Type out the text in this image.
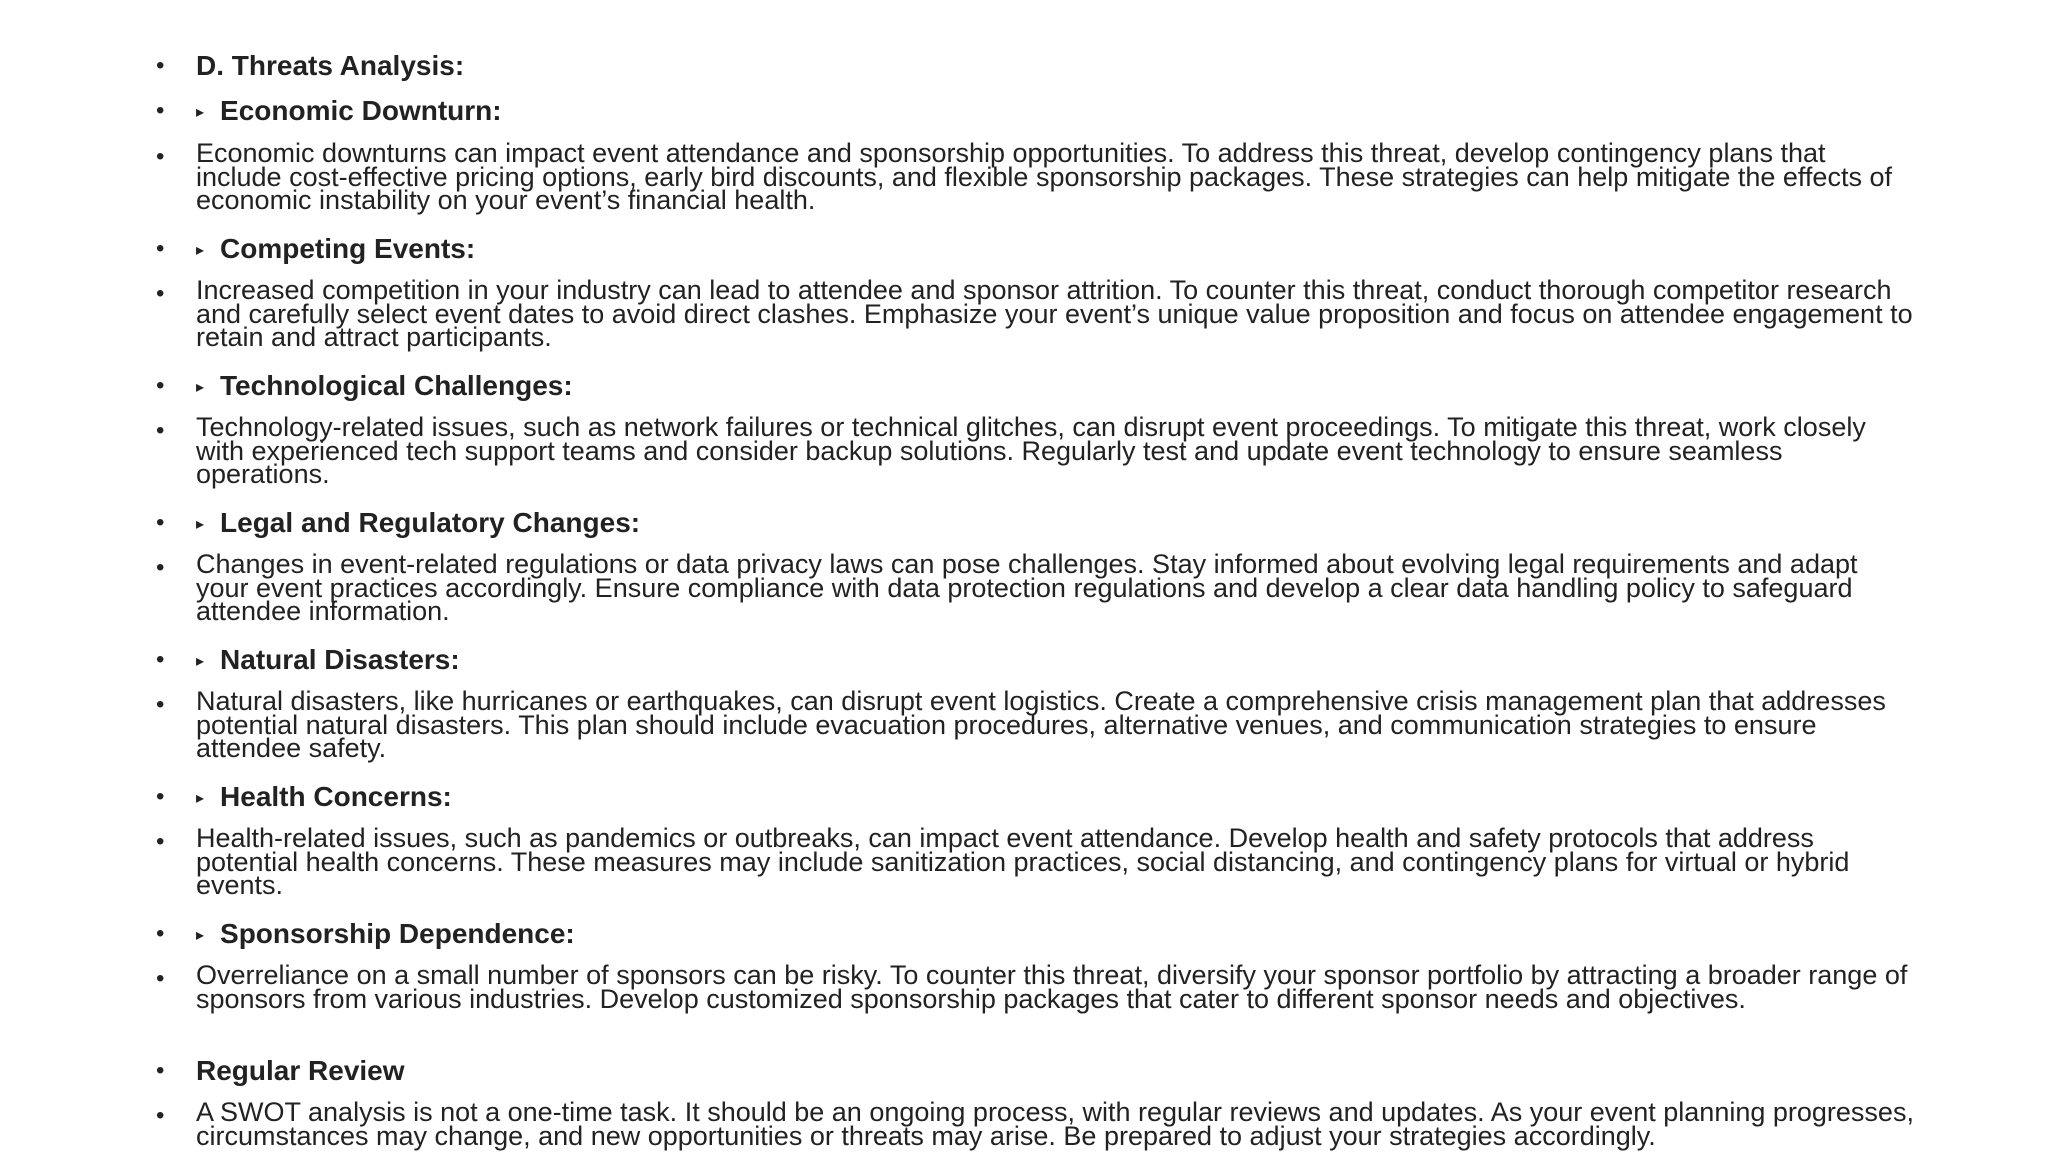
• D. Threats Analysis:
• ▸ Economic Downturn:
• Economic downturns can impact event attendance and sponsorship opportunities. To address this threat, develop contingency plans that include cost-effective pricing options, early bird discounts, and flexible sponsorship packages. These strategies can help mitigate the effects of economic instability on your event’s financial health.
• ▸ Competing Events:
• Increased competition in your industry can lead to attendee and sponsor attrition. To counter this threat, conduct thorough competitor research and carefully select event dates to avoid direct clashes. Emphasize your event’s unique value proposition and focus on attendee engagement to retain and attract participants.
• ▸ Technological Challenges:
• Technology-related issues, such as network failures or technical glitches, can disrupt event proceedings. To mitigate this threat, work closely with experienced tech support teams and consider backup solutions. Regularly test and update event technology to ensure seamless operations.
• ▸ Legal and Regulatory Changes:
• Changes in event-related regulations or data privacy laws can pose challenges. Stay informed about evolving legal requirements and adapt your event practices accordingly. Ensure compliance with data protection regulations and develop a clear data handling policy to safeguard attendee information.
• ▸ Natural Disasters:
• Natural disasters, like hurricanes or earthquakes, can disrupt event logistics. Create a comprehensive crisis management plan that addresses potential natural disasters. This plan should include evacuation procedures, alternative venues, and communication strategies to ensure attendee safety.
• ▸ Health Concerns:
• Health-related issues, such as pandemics or outbreaks, can impact event attendance. Develop health and safety protocols that address potential health concerns. These measures may include sanitization practices, social distancing, and contingency plans for virtual or hybrid events.
• ▸ Sponsorship Dependence:
• Overreliance on a small number of sponsors can be risky. To counter this threat, diversify your sponsor portfolio by attracting a broader range of sponsors from various industries. Develop customized sponsorship packages that cater to different sponsor needs and objectives.
• Regular Review
• A SWOT analysis is not a one-time task. It should be an ongoing process, with regular reviews and updates. As your event planning progresses, circumstances may change, and new opportunities or threats may arise. Be prepared to adjust your strategies accordingly.
